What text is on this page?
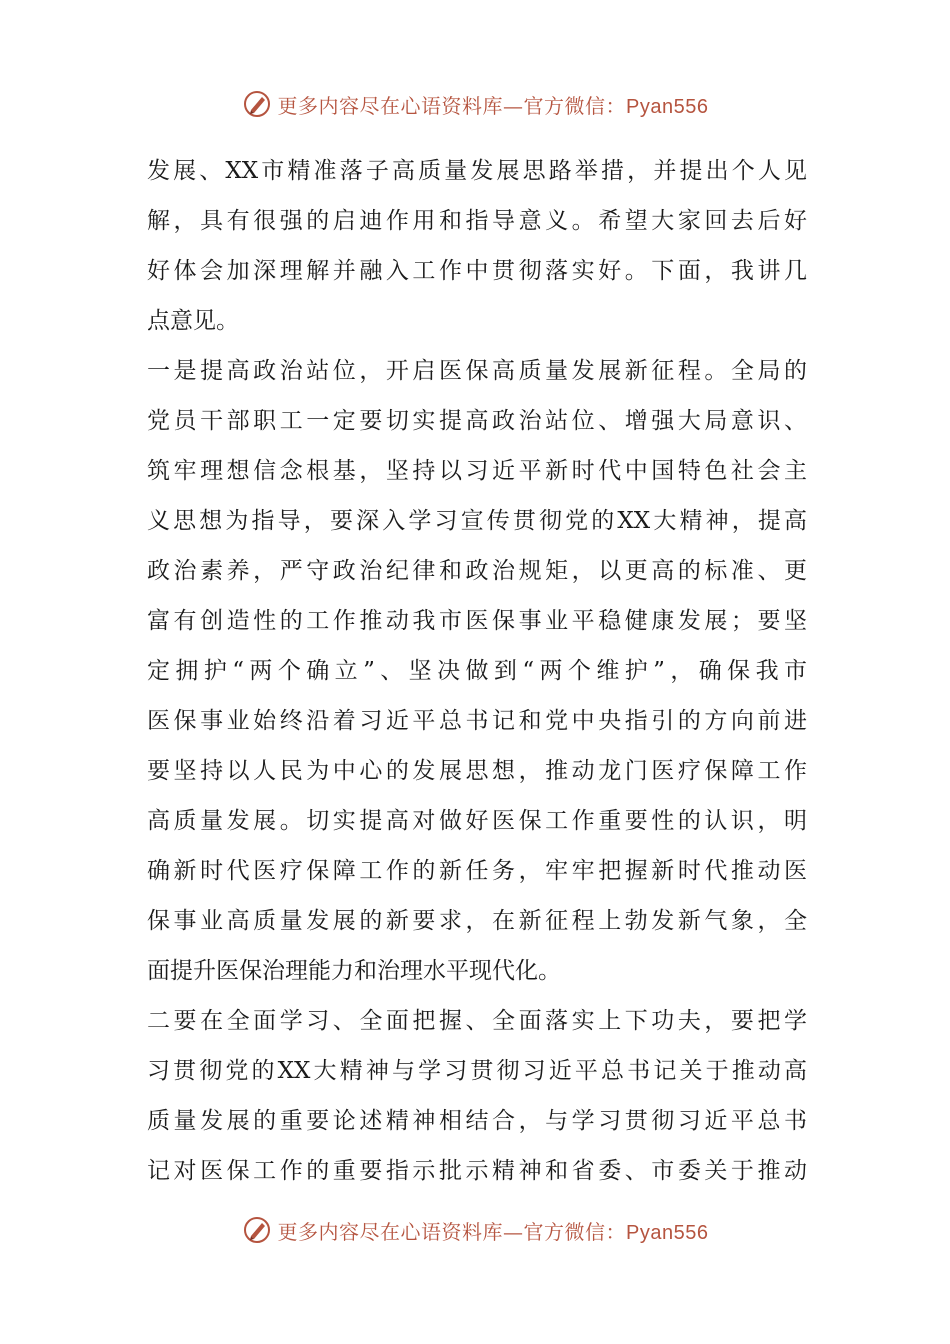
更多内容尽在心语资料库—官方微信：Pyan556
发展、XX市精准落子高质量发展思路举措，并提出个人见
解，具有很强的启迪作用和指导意义。希望大家回去后好
好体会加深理解并融入工作中贯彻落实好。下面，我讲几
点意见。
一是提高政治站位，开启医保高质量发展新征程。全局的
党员干部职工一定要切实提高政治站位、增强大局意识、
筑牢理想信念根基，坚持以习近平新时代中国特色社会主
义思想为指导，要深入学习宣传贯彻党的XX大精神，提高
政治素养，严守政治纪律和政治规矩，以更高的标准、更
富有创造性的工作推动我市医保事业平稳健康发展；要坚
定拥护“两个确立”、坚决做到“两个维护”，确保我市
医保事业始终沿着习近平总书记和党中央指引的方向前进
要坚持以人民为中心的发展思想，推动龙门医疗保障工作
高质量发展。切实提高对做好医保工作重要性的认识，明
确新时代医疗保障工作的新任务，牢牢把握新时代推动医
保事业高质量发展的新要求，在新征程上勃发新气象，全
面提升医保治理能力和治理水平现代化。
二要在全面学习、全面把握、全面落实上下功夫，要把学
习贯彻党的XX大精神与学习贯彻习近平总书记关于推动高
质量发展的重要论述精神相结合，与学习贯彻习近平总书
记对医保工作的重要指示批示精神和省委、市委关于推动
更多内容尽在心语资料库—官方微信：Pyan556
